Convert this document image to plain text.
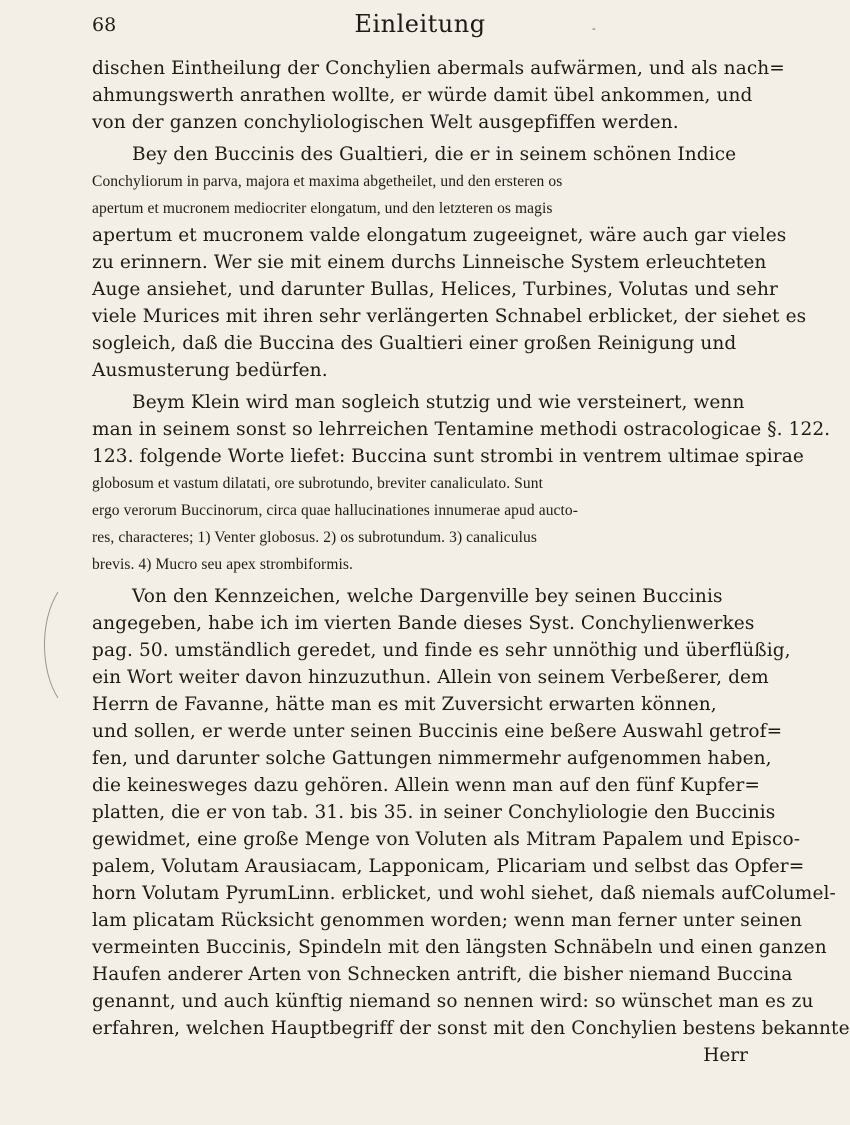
68	Einleitung	-
dischen Eintheilung der Conchylien abermals aufwärmen, und als nach=
ahmungswerth anrathen wollte, er würde damit übel ankommen, und
von der ganzen conchyliologischen Welt ausgepfiffen werden.
Bey den Buccinis des Gualtieri, die er in seinem schönen Indice
Conchyliorum in parva, majora et maxima abgetheilet, und den ersteren os
apertum et mucronem mediocriter elongatum, und den letzteren os magis
apertum et mucronem valde elongatum zugeeignet, wäre auch gar vieles
zu erinnern. Wer sie mit einem durchs Linneische System erleuchteten
Auge ansiehet, und darunter Bullas, Helices, Turbines, Volutas und sehr
viele Murices mit ihren sehr verlängerten Schnabel erblicket, der siehet es
sogleich, daß die Buccina des Gualtieri einer großen Reinigung und
Ausmusterung bedürfen.
Beym Klein wird man sogleich stutzig und wie versteinert, wenn
man in seinem sonst so lehrreichen Tentamine methodi ostracologicae §. 122.
123. folgende Worte liefet: Buccina sunt strombi in ventrem ultimae spirae
globosum et vastum dilatati, ore subrotundo, breviter canaliculato. Sunt
ergo verorum Buccinorum, circa quae hallucinationes innumerae apud aucto-
res, characteres; 1) Venter globosus. 2) os subrotundum. 3) canaliculus
brevis. 4) Mucro seu apex strombiformis.
Von den Kennzeichen, welche Dargenville bey seinen Buccinis
angegeben, habe ich im vierten Bande dieses Syst. Conchylienwerkes
pag. 50. umständlich geredet, und finde es sehr unnöthig und überflüßig,
ein Wort weiter davon hinzuzuthun. Allein von seinem Verbeßerer, dem
Herrn de Favanne, hätte man es mit Zuversicht erwarten können,
und sollen, er werde unter seinen Buccinis eine beßere Auswahl getrof=
fen, und darunter solche Gattungen nimmermehr aufgenommen haben,
die keinesweges dazu gehören. Allein wenn man auf den fünf Kupfer=
platten, die er von tab. 31. bis 35. in seiner Conchyliologie den Buccinis
gewidmet, eine große Menge von Voluten als Mitram Papalem und Episco-
palem, Volutam Arausiacam, Lapponicam, Plicariam und selbst das Opfer=
horn Volutam PyrumLinn. erblicket, und wohl siehet, daß niemals aufColumel-
lam plicatam Rücksicht genommen worden; wenn man ferner unter seinen
vermeinten Buccinis, Spindeln mit den längsten Schnäbeln und einen ganzen
Haufen anderer Arten von Schnecken antrift, die bisher niemand Buccina
genannt, und auch künftig niemand so nennen wird: so wünschet man es zu
erfahren, welchen Hauptbegriff der sonst mit den Conchylien bestens bekannte
Herr
